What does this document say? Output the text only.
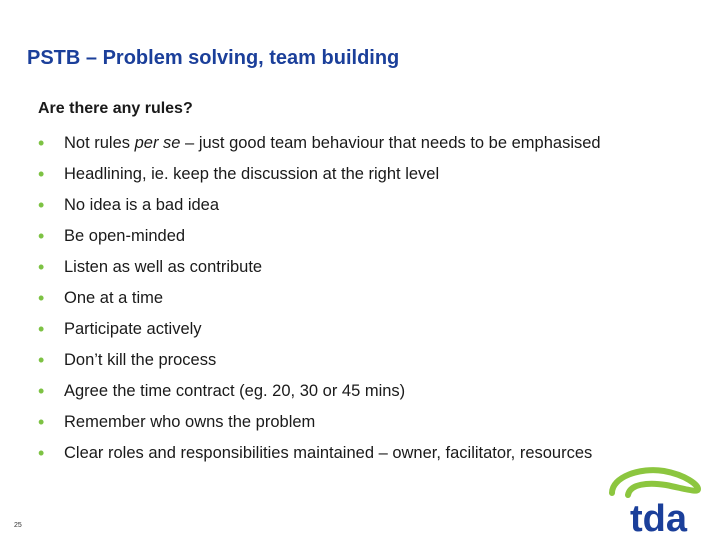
PSTB – Problem solving, team building
Are there any rules?
• Not rules per se – just good team behaviour that needs to be emphasised
• Headlining, ie. keep the discussion at the right level
• No idea is a bad idea
• Be open-minded
• Listen as well as contribute
• One at a time
• Participate actively
• Don’t kill the process
• Agree the time contract (eg. 20, 30 or 45 mins)
• Remember who owns the problem
• Clear roles and responsibilities maintained – owner, facilitator, resources
25	tda
